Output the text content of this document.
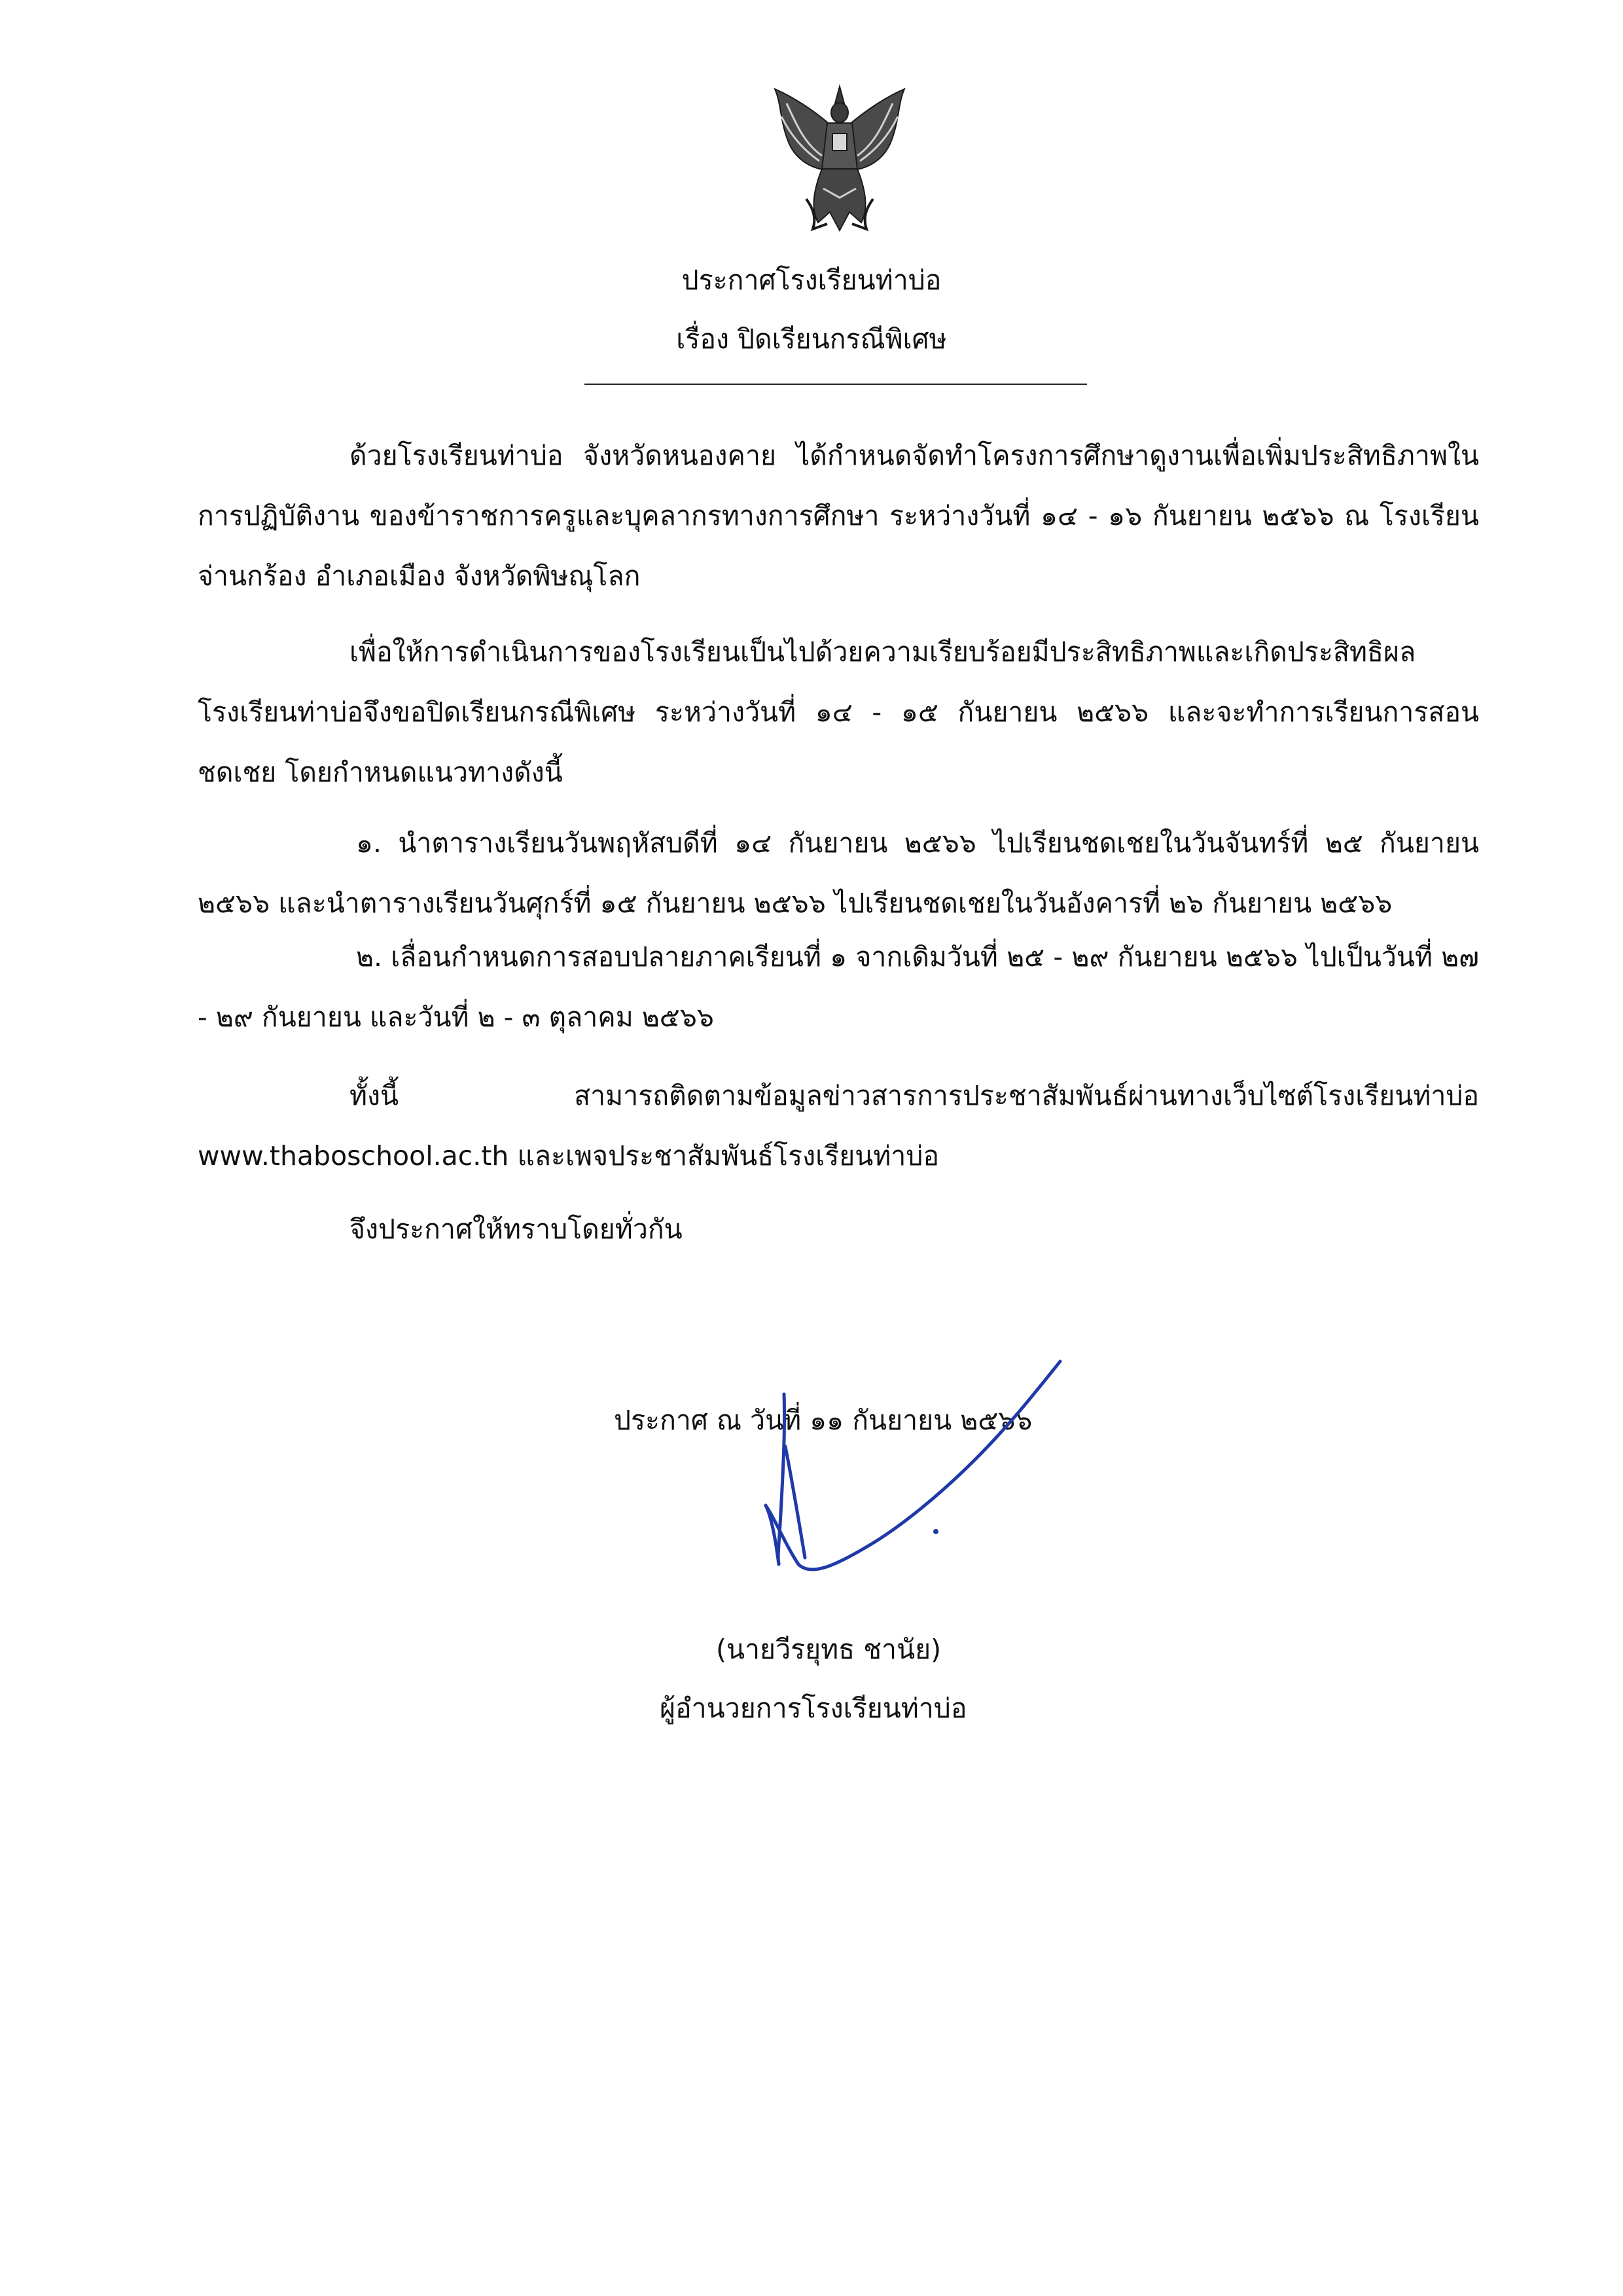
ประกาศโรงเรียนท่าบ่อ
เรื่อง ปิดเรียนกรณีพิเศษ
ด้วยโรงเรียนท่าบ่อ จังหวัดหนองคาย ได้กำหนดจัดทำโครงการศึกษาดูงานเพื่อเพิ่มประสิทธิภาพในการปฏิบัติงาน ของข้าราชการครูและบุคลากรทางการศึกษา ระหว่างวันที่ ๑๔ - ๑๖ กันยายน ๒๕๖๖ ณ โรงเรียนจ่านกร้อง อำเภอเมือง จังหวัดพิษณุโลก
เพื่อให้การดำเนินการของโรงเรียนเป็นไปด้วยความเรียบร้อยมีประสิทธิภาพและเกิดประสิทธิผล โรงเรียนท่าบ่อจึงขอปิดเรียนกรณีพิเศษ ระหว่างวันที่ ๑๔ - ๑๕ กันยายน ๒๕๖๖ และจะทำการเรียนการสอนชดเชย โดยกำหนดแนวทางดังนี้
๑. นำตารางเรียนวันพฤหัสบดีที่ ๑๔ กันยายน ๒๕๖๖ ไปเรียนชดเชยในวันจันทร์ที่ ๒๕ กันยายน ๒๕๖๖ และนำตารางเรียนวันศุกร์ที่ ๑๕ กันยายน ๒๕๖๖ ไปเรียนชดเชยในวันอังคารที่ ๒๖ กันยายน ๒๕๖๖
๒. เลื่อนกำหนดการสอบปลายภาคเรียนที่ ๑ จากเดิมวันที่ ๒๕ - ๒๙ กันยายน ๒๕๖๖ ไปเป็นวันที่ ๒๗ - ๒๙ กันยายน และวันที่ ๒ - ๓ ตุลาคม ๒๕๖๖
ทั้งนี้ สามารถติดตามข้อมูลข่าวสารการประชาสัมพันธ์ผ่านทางเว็บไซต์โรงเรียนท่าบ่อ www.thaboschool.ac.th และเพจประชาสัมพันธ์โรงเรียนท่าบ่อ
จึงประกาศให้ทราบโดยทั่วกัน
ประกาศ ณ วันที่ ๑๑ กันยายน ๒๕๖๖
(นายวีรยุทธ ชานัย)
ผู้อำนวยการโรงเรียนท่าบ่อ
